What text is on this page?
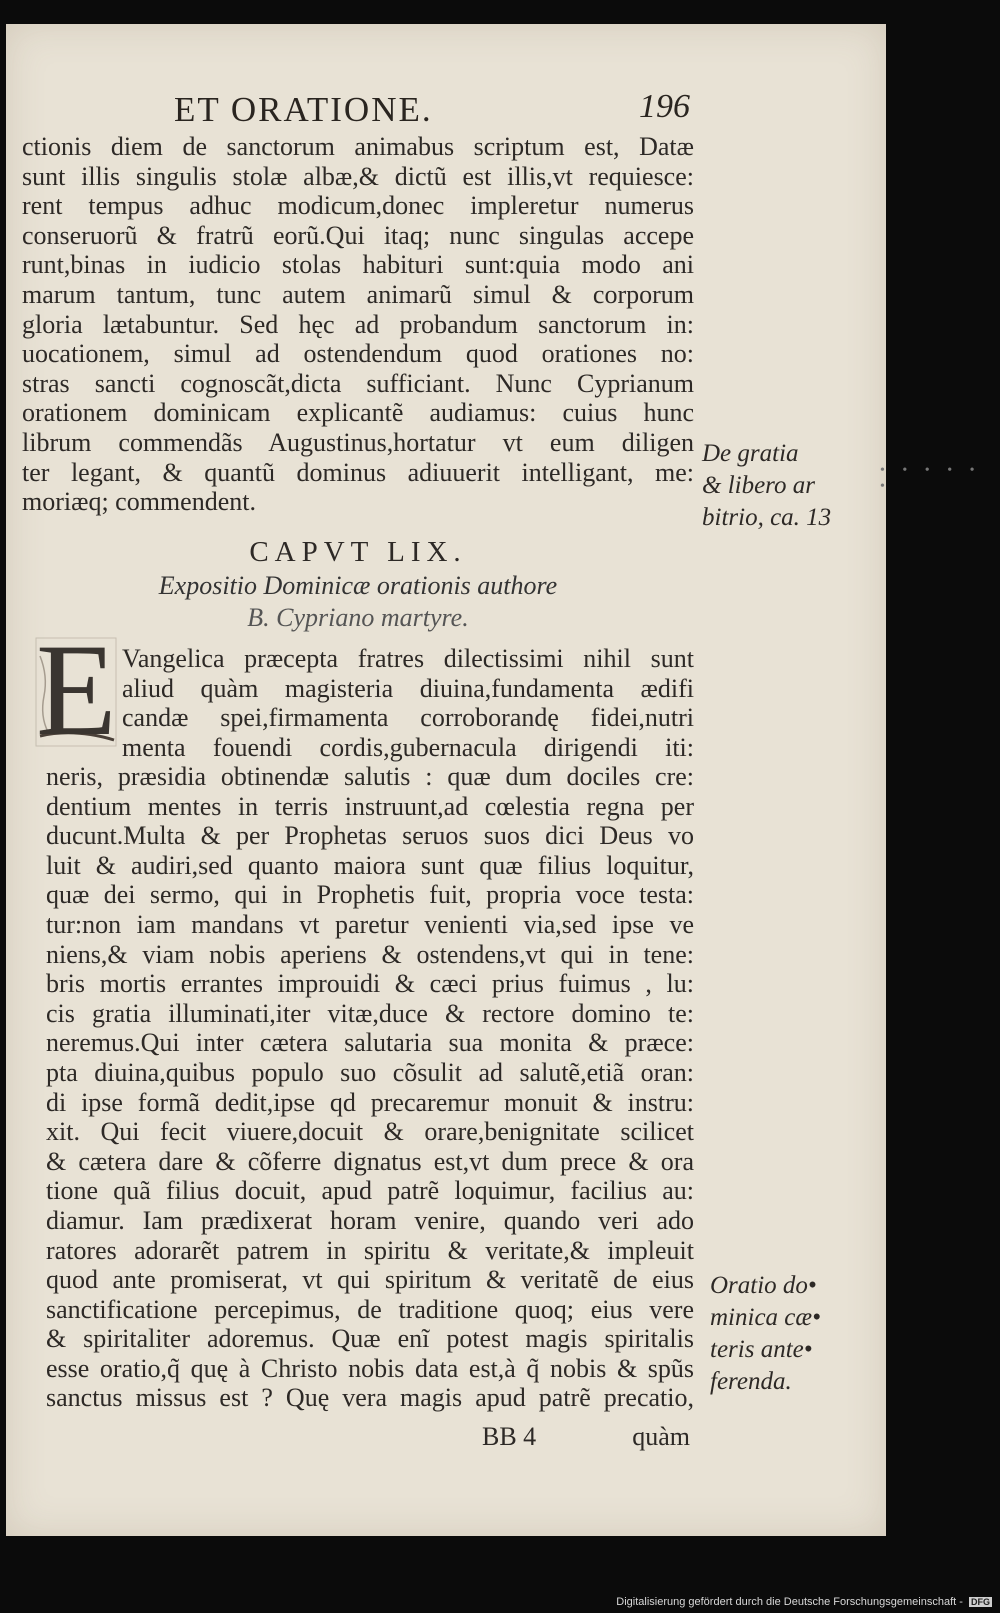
ET ORATIONE.	196
ctionis diem de sanctorum animabus scriptum est, Datæ
sunt illis singulis stolæ albæ,& dictũ est illis,vt requiesce:
rent tempus adhuc modicum,donec impleretur numerus
conseruorũ & fratrũ eorũ.Qui itaq; nunc singulas accepe
runt,binas in iudicio stolas habituri sunt:quia modo ani
marum tantum, tunc autem animarũ simul & corporum
gloria lætabuntur. Sed hęc ad probandum sanctorum in:
uocationem, simul ad ostendendum quod orationes no:
stras sancti cognoscãt,dicta sufficiant. Nunc Cyprianum
orationem dominicam explicantẽ audiamus: cuius hunc
librum commendãs Augustinus,hortatur vt eum diligen
ter legant, & quantũ dominus adiuuerit intelligant, me:
moriæq; commendent.
CAPVT LIX.
Expositio Dominicæ orationis authore
B. Cypriano martyre.
E Vangelica præcepta fratres dilectissimi nihil sunt
aliud quàm magisteria diuina,fundamenta ædifi
candæ spei,firmamenta corroborandę fidei,nutri
menta fouendi cordis,gubernacula dirigendi iti:
neris, præsidia obtinendæ salutis : quæ dum dociles cre:
dentium mentes in terris instruunt,ad cœlestia regna per
ducunt.Multa & per Prophetas seruos suos dici Deus vo
luit & audiri,sed quanto maiora sunt quæ filius loquitur,
quæ dei sermo, qui in Prophetis fuit, propria voce testa:
tur:non iam mandans vt paretur venienti via,sed ipse ve
niens,& viam nobis aperiens & ostendens,vt qui in tene:
bris mortis errantes improuidi & cæci prius fuimus , lu:
cis gratia illuminati,iter vitæ,duce & rectore domino te:
neremus.Qui inter cætera salutaria sua monita & præce:
pta diuina,quibus populo suo cõsulit ad salutẽ,etiã oran:
di ipse formã dedit,ipse qd precaremur monuit & instru:
xit. Qui fecit viuere,docuit & orare,benignitate scilicet
& cætera dare & cõferre dignatus est,vt dum prece & ora
tione quã filius docuit, apud patrẽ loquimur, facilius au:
diamur. Iam prædixerat horam venire, quando veri ado
ratores adorarẽt patrem in spiritu & veritate,& impleuit
quod ante promiserat, vt qui spiritum & veritatẽ de eius
sanctificatione percepimus, de traditione quoq; eius vere
& spiritaliter adoremus. Quæ enĩ potest magis spiritalis
esse oratio,q̃ quę à Christo nobis data est,à q̃ nobis & spũs
sanctus missus est ? Quę vera magis apud patrẽ precatio,
BB 4	quàm
De gratia
& libero ar
bitrio, ca. 13
Oratio do•
minica cæ•
teris ante•
ferenda.
• • • • • •
Digitalisierung gefördert durch die Deutsche Forschungsgemeinschaft - DFG
